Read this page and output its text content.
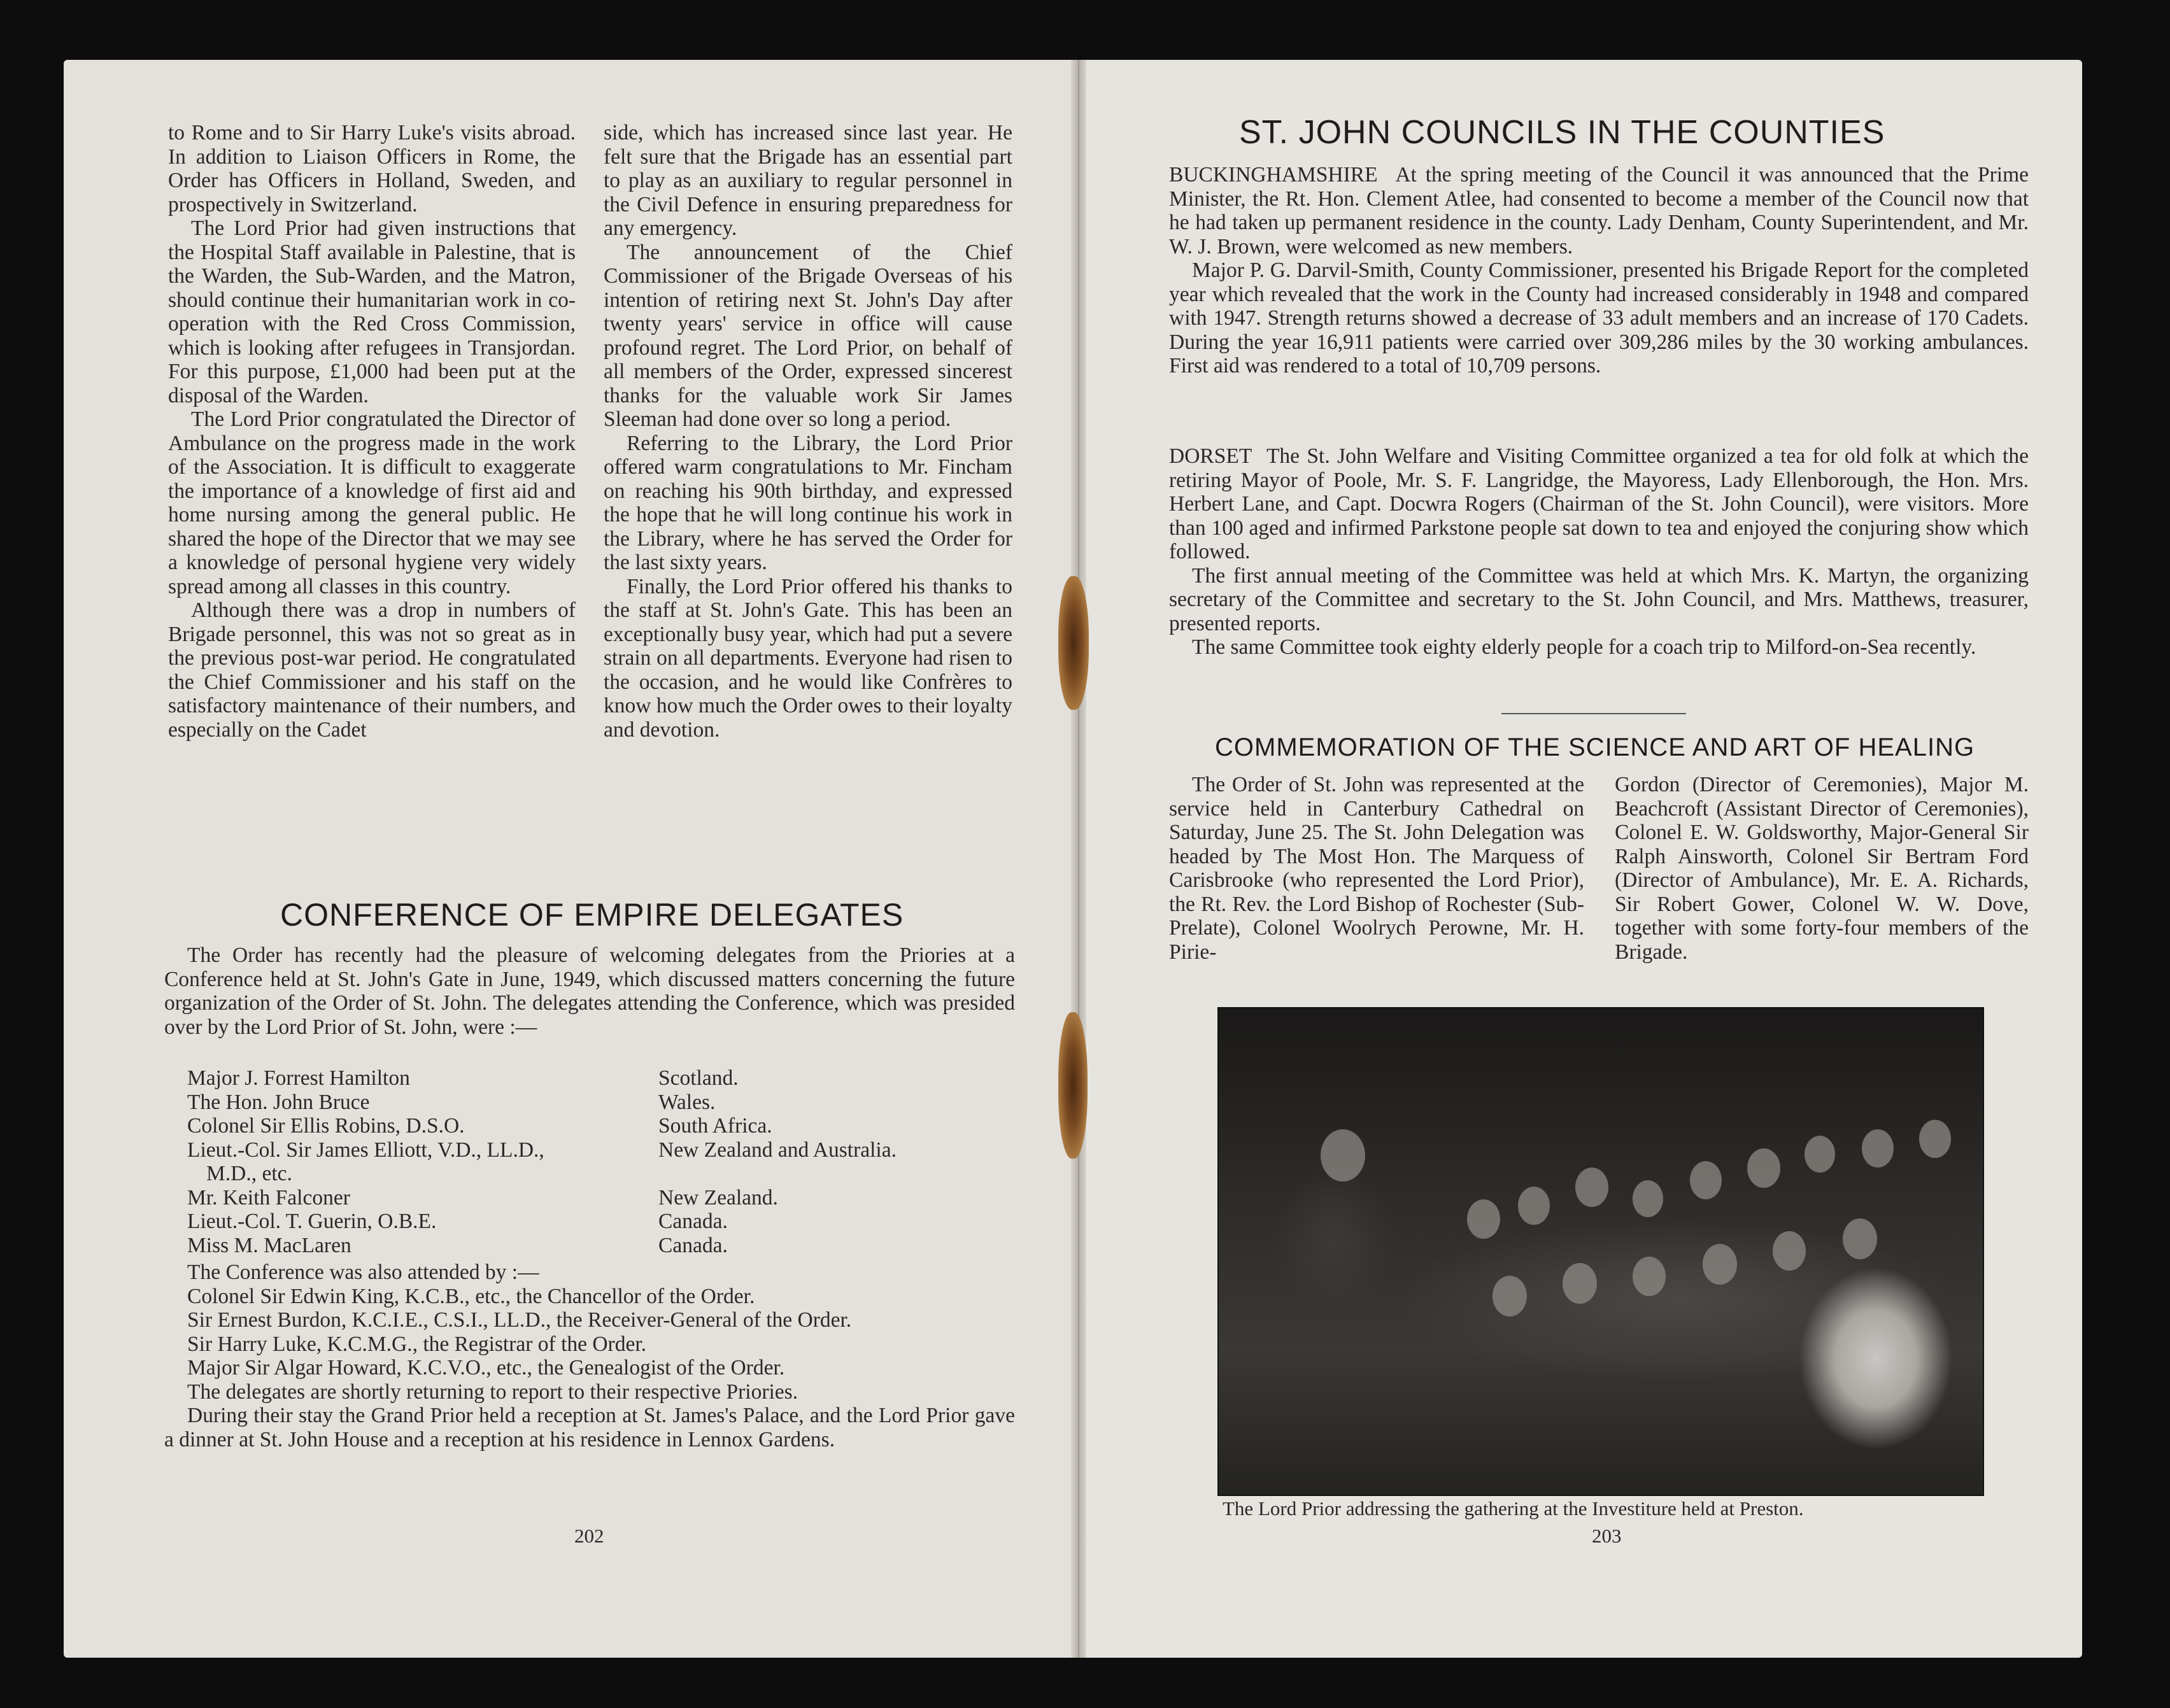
to Rome and to Sir Harry Luke's visits abroad. In addition to Liaison Officers in Rome, the Order has Officers in Holland, Sweden, and prospectively in Switzerland.

The Lord Prior had given instructions that the Hospital Staff available in Palestine, that is the Warden, the Sub-Warden, and the Matron, should continue their humanitarian work in co-operation with the Red Cross Commission, which is looking after refugees in Transjordan. For this purpose, £1,000 had been put at the disposal of the Warden.

The Lord Prior congratulated the Director of Ambulance on the progress made in the work of the Association. It is difficult to exaggerate the importance of a knowledge of first aid and home nursing among the general public. He shared the hope of the Director that we may see a knowledge of personal hygiene very widely spread among all classes in this country.

Although there was a drop in numbers of Brigade personnel, this was not so great as in the previous post-war period. He congratulated the Chief Commissioner and his staff on the satisfactory maintenance of their numbers, and especially on the Cadet

side, which has increased since last year. He felt sure that the Brigade has an essential part to play as an auxiliary to regular personnel in the Civil Defence in ensuring preparedness for any emergency.

The announcement of the Chief Commissioner of the Brigade Overseas of his intention of retiring next St. John's Day after twenty years' service in office will cause profound regret. The Lord Prior, on behalf of all members of the Order, expressed sincerest thanks for the valuable work Sir James Sleeman had done over so long a period.

Referring to the Library, the Lord Prior offered warm congratulations to Mr. Fincham on reaching his 90th birthday, and expressed the hope that he will long continue his work in the Library, where he has served the Order for the last sixty years.

Finally, the Lord Prior offered his thanks to the staff at St. John's Gate. This has been an exceptionally busy year, which had put a severe strain on all departments. Everyone had risen to the occasion, and he would like Confrères to know how much the Order owes to their loyalty and devotion.

CONFERENCE OF EMPIRE DELEGATES

The Order has recently had the pleasure of welcoming delegates from the Priories at a Conference held at St. John's Gate in June, 1949, which discussed matters concerning the future organization of the Order of St. John. The delegates attending the Conference, which was presided over by the Lord Prior of St. John, were :—

Major J. Forrest Hamilton	Scotland.
The Hon. John Bruce	Wales.
Colonel Sir Ellis Robins, D.S.O.	South Africa.
Lieut.-Col. Sir James Elliott, V.D., LL.D.,	New Zealand and Australia.
M.D., etc.
Mr. Keith Falconer	New Zealand.
Lieut.-Col. T. Guerin, O.B.E.	Canada.
Miss M. MacLaren	Canada.

The Conference was also attended by :—

Colonel Sir Edwin King, K.C.B., etc., the Chancellor of the Order.

Sir Ernest Burdon, K.C.I.E., C.S.I., LL.D., the Receiver-General of the Order.

Sir Harry Luke, K.C.M.G., the Registrar of the Order.

Major Sir Algar Howard, K.C.V.O., etc., the Genealogist of the Order.

The delegates are shortly returning to report to their respective Priories.

During their stay the Grand Prior held a reception at St. James's Palace, and the Lord Prior gave a dinner at St. John House and a reception at his residence in Lennox Gardens.

202
ST. JOHN COUNCILS IN THE COUNTIES

BUCKINGHAMSHIRE At the spring meeting of the Council it was announced that the Prime Minister, the Rt. Hon. Clement Atlee, had consented to become a member of the Council now that he had taken up permanent residence in the county. Lady Denham, County Superintendent, and Mr. W. J. Brown, were welcomed as new members.

Major P. G. Darvil-Smith, County Commissioner, presented his Brigade Report for the completed year which revealed that the work in the County had increased considerably in 1948 and compared with 1947. Strength returns showed a decrease of 33 adult members and an increase of 170 Cadets. During the year 16,911 patients were carried over 309,286 miles by the 30 working ambulances. First aid was rendered to a total of 10,709 persons.

DORSET The St. John Welfare and Visiting Committee organized a tea for old folk at which the retiring Mayor of Poole, Mr. S. F. Langridge, the Mayoress, Lady Ellenborough, the Hon. Mrs. Herbert Lane, and Capt. Docwra Rogers (Chairman of the St. John Council), were visitors. More than 100 aged and infirmed Parkstone people sat down to tea and enjoyed the conjuring show which followed.

The first annual meeting of the Committee was held at which Mrs. K. Martyn, the organizing secretary of the Committee and secretary to the St. John Council, and Mrs. Matthews, treasurer, presented reports.

The same Committee took eighty elderly people for a coach trip to Milford-on-Sea recently.

COMMEMORATION OF THE SCIENCE AND ART OF HEALING

The Order of St. John was represented at the service held in Canterbury Cathedral on Saturday, June 25. The St. John Delegation was headed by The Most Hon. The Marquess of Carisbrooke (who represented the Lord Prior), the Rt. Rev. the Lord Bishop of Rochester (Sub-Prelate), Colonel Woolrych Perowne, Mr. H. Pirie-

Gordon (Director of Ceremonies), Major M. Beachcroft (Assistant Director of Ceremonies), Colonel E. W. Goldsworthy, Major-General Sir Ralph Ainsworth, Colonel Sir Bertram Ford (Director of Ambulance), Mr. E. A. Richards, Sir Robert Gower, Colonel W. W. Dove, together with some forty-four members of the Brigade.

The Lord Prior addressing the gathering at the Investiture held at Preston.
203
